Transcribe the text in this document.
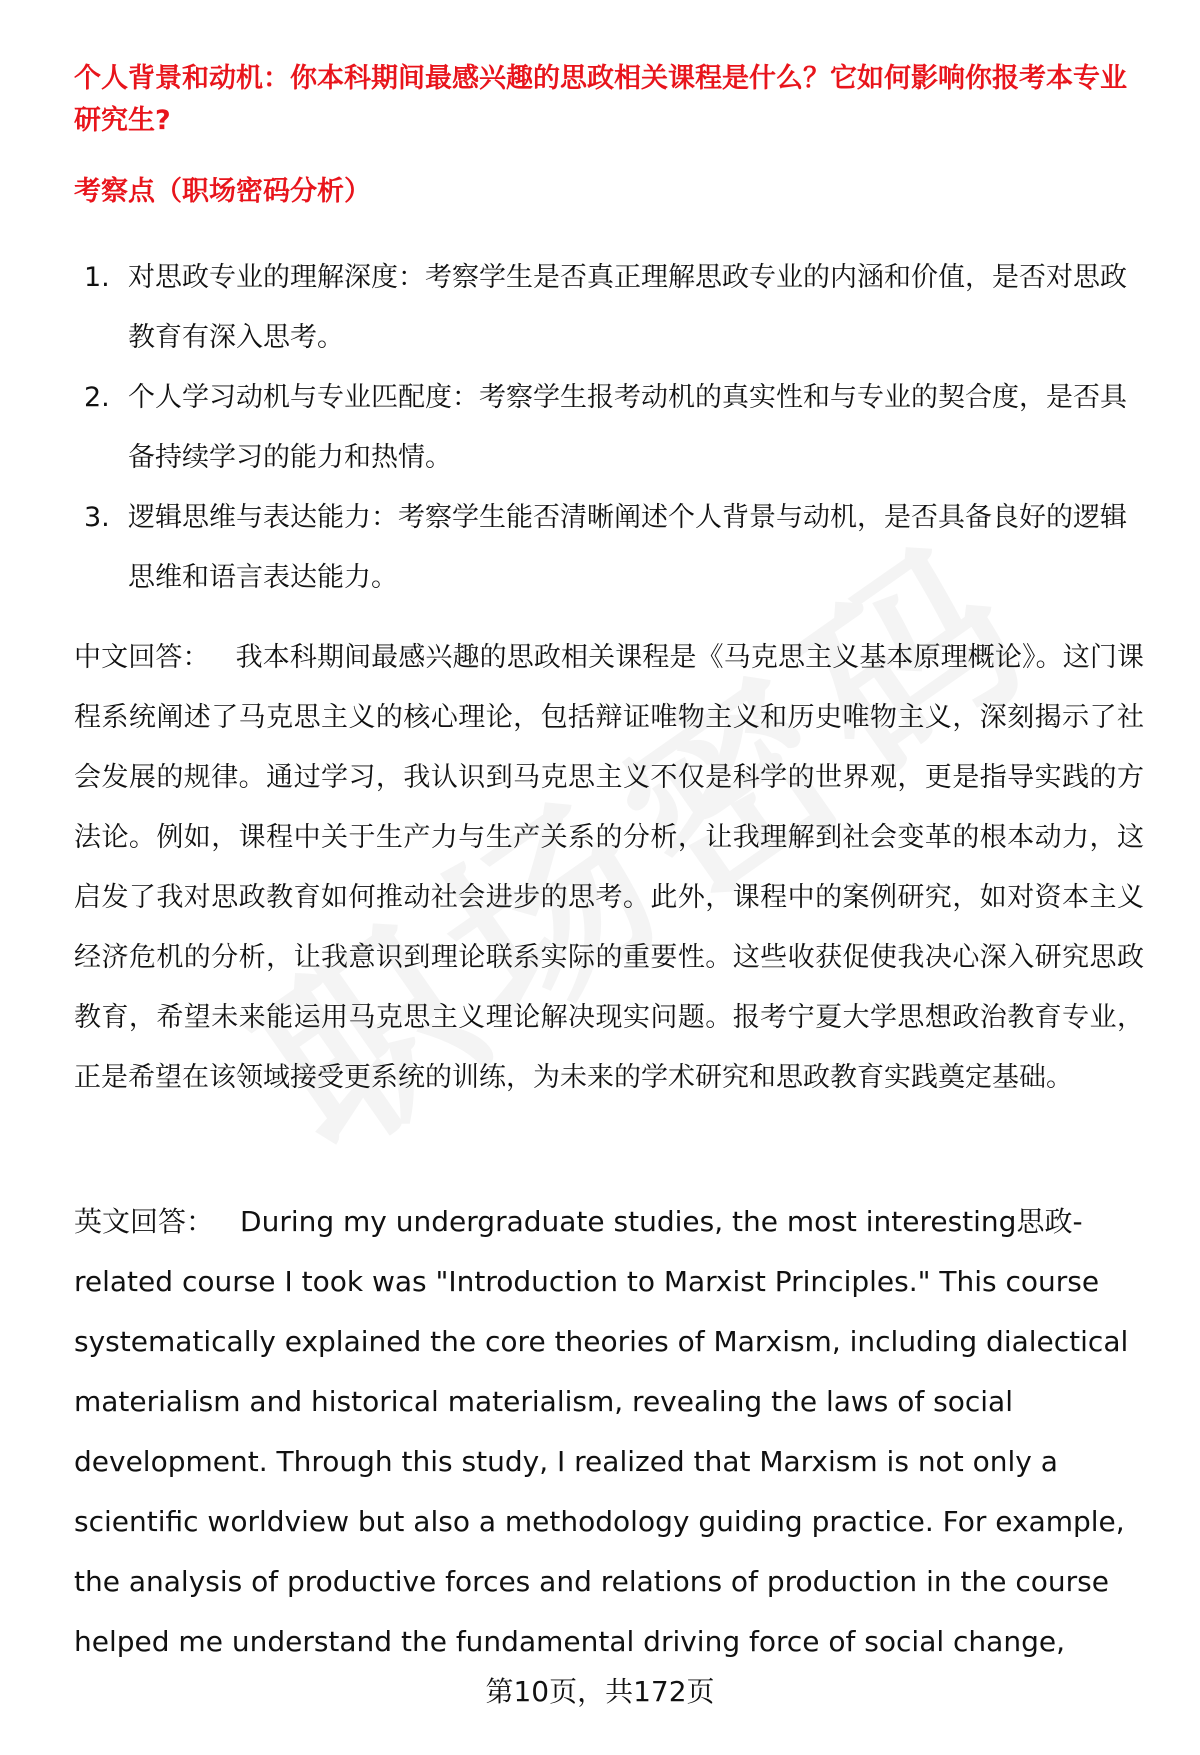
个人背景和动机：你本科期间最感兴趣的思政相关课程是什么？它如何影响你报考本专业研究生?
考察点（职场密码分析）
1. 对思政专业的理解深度：考察学生是否真正理解思政专业的内涵和价值，是否对思政教育有深入思考。
2. 个人学习动机与专业匹配度：考察学生报考动机的真实性和与专业的契合度，是否具备持续学习的能力和热情。
3. 逻辑思维与表达能力：考察学生能否清晰阐述个人背景与动机，是否具备良好的逻辑思维和语言表达能力。

中文回答： 我本科期间最感兴趣的思政相关课程是《马克思主义基本原理概论》。这门课程系统阐述了马克思主义的核心理论，包括辩证唯物主义和历史唯物主义，深刻揭示了社会发展的规律。通过学习，我认识到马克思主义不仅是科学的世界观，更是指导实践的方法论。例如，课程中关于生产力与生产关系的分析，让我理解到社会变革的根本动力，这启发了我对思政教育如何推动社会进步的思考。此外，课程中的案例研究，如对资本主义经济危机的分析，让我意识到理论联系实际的重要性。这些收获促使我决心深入研究思政教育，希望未来能运用马克思主义理论解决现实问题。报考宁夏大学思想政治教育专业，正是希望在该领域接受更系统的训练，为未来的学术研究和思政教育实践奠定基础。

英文回答： During my undergraduate studies, the most interesting思政-related course I took was "Introduction to Marxist Principles." This course systematically explained the core theories of Marxism, including dialectical materialism and historical materialism, revealing the laws of social development. Through this study, I realized that Marxism is not only a scientific worldview but also a methodology guiding practice. For example, the analysis of productive forces and relations of production in the course helped me understand the fundamental driving force of social change,

第10页，共172页
